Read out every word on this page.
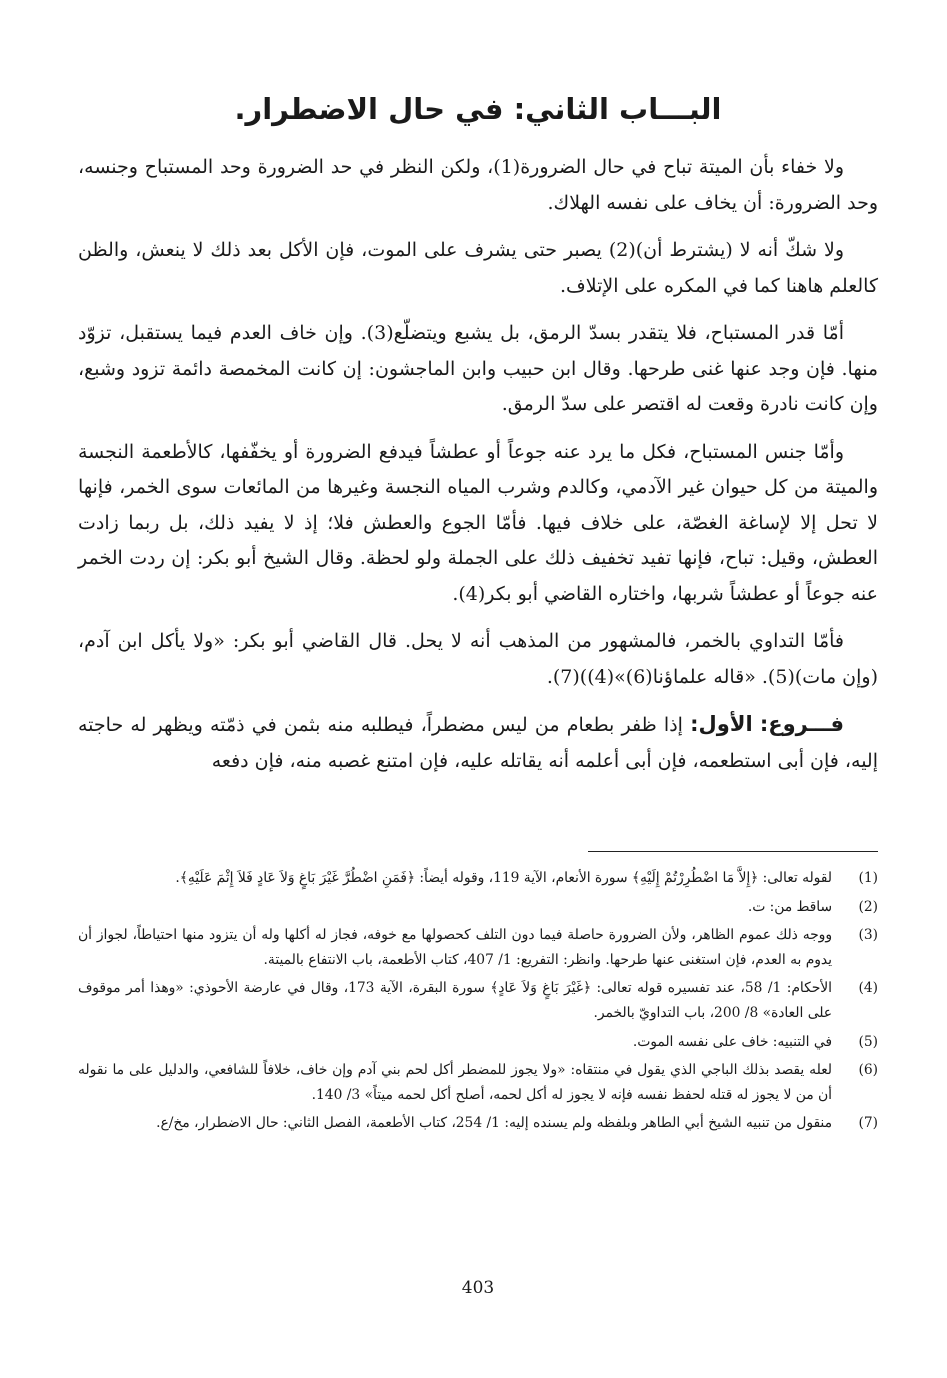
البـــاب الثاني: في حال الاضطرار.

ولا خفاء بأن الميتة تباح في حال الضرورة(1)، ولكن النظر في حد الضرورة وحد المستباح وجنسه، وحد الضرورة: أن يخاف على نفسه الهلاك.

ولا شكّ أنه لا (يشترط أن)(2) يصبر حتى يشرف على الموت، فإن الأكل بعد ذلك لا ينعش، والظن كالعلم هاهنا كما في المكره على الإتلاف.

أمّا قدر المستباح، فلا يتقدر بسدّ الرمق، بل يشبع ويتضلّع(3). وإن خاف العدم فيما يستقبل، تزوّد منها. فإن وجد عنها غنى طرحها. وقال ابن حبيب وابن الماجشون: إن كانت المخمصة دائمة تزود وشبع، وإن كانت نادرة وقعت له اقتصر على سدّ الرمق.

وأمّا جنس المستباح، فكل ما يرد عنه جوعاً أو عطشاً فيدفع الضرورة أو يخفّفها، كالأطعمة النجسة والميتة من كل حيوان غير الآدمي، وكالدم وشرب المياه النجسة وغيرها من المائعات سوى الخمر، فإنها لا تحل إلا لإساغة الغصّة، على خلاف فيها. فأمّا الجوع والعطش فلا؛ إذ لا يفيد ذلك، بل ربما زادت العطش، وقيل: تباح، فإنها تفيد تخفيف ذلك على الجملة ولو لحظة. وقال الشيخ أبو بكر: إن ردت الخمر عنه جوعاً أو عطشاً شربها، واختاره القاضي أبو بكر(4).

فأمّا التداوي بالخمر، فالمشهور من المذهب أنه لا يحل. قال القاضي أبو بكر: «ولا يأكل ابن آدم، (وإن مات)(5). «قاله علماؤنا(6)»(4))(7).

فـــروع: الأول: إذا ظفر بطعام من ليس مضطراً، فيطلبه منه بثمن في ذمّته ويظهر له حاجته إليه، فإن أبى استطعمه، فإن أبى أعلمه أنه يقاتله عليه، فإن امتنع غصبه منه، فإن دفعه

(1)
لقوله تعالى: ﴿إِلاَّ مَا اضْطُرِرْتُمْ إِلَيْهِ﴾ سورة الأنعام، الآية 119، وقوله أيضاً: ﴿فَمَنِ اضْطُرَّ غَيْرَ بَاغٍ وَلاَ عَادٍ فَلاَ إِثْمَ عَلَيْهِ﴾.
(2)
ساقط من: ت.
(3)
ووجه ذلك عموم الظاهر، ولأن الضرورة حاصلة فيما دون التلف كحصولها مع خوفه، فجاز له أكلها وله أن يتزود منها احتياطاً، لجواز أن يدوم به العدم، فإن استغنى عنها طرحها. وانظر: التفريع: 1/ 407، كتاب الأطعمة، باب الانتفاع بالميتة.
(4)
الأحكام: 1/ 58، عند تفسيره قوله تعالى: ﴿غَيْرَ بَاغٍ وَلاَ عَادٍ﴾ سورة البقرة، الآية 173، وقال في عارضة الأحوذي: «وهذا أمر موقوف على العادة» 8/ 200، باب التداويّ بالخمر.
(5)
في التنبيه: خاف على نفسه الموت.
(6)
لعله يقصد بذلك الباجي الذي يقول في منتقاه: «ولا يجوز للمضطر أكل لحم بني آدم وإن خاف، خلافاً للشافعي، والدليل على ما نقوله أن من لا يجوز له قتله لحفظ نفسه فإنه لا يجوز له أكل لحمه، أصلح أكل لحمه ميتاً» 3/ 140.
(7)
منقول من تنبيه الشيخ أبي الطاهر وبلفظه ولم يسنده إليه: 1/ 254، كتاب الأطعمة، الفصل الثاني: حال الاضطرار، مخ/ع.
403
